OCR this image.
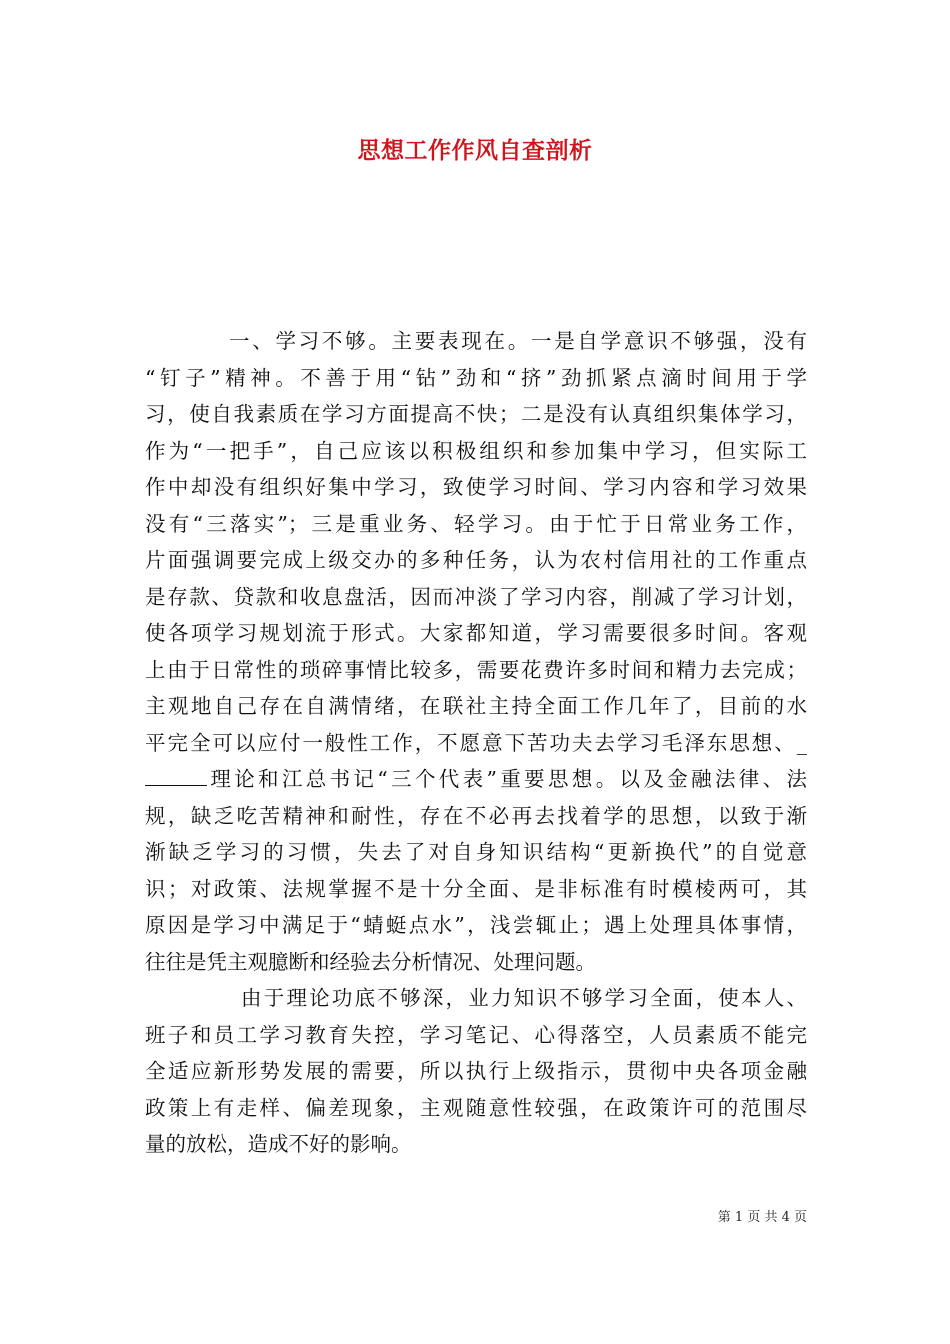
思想工作作风自查剖析
一、学习不够。主要表现在。一是自学意识不够强，没有
“钉子”精神。不善于用“钻”劲和“挤”劲抓紧点滴时间用于学
习，使自我素质在学习方面提高不快；二是没有认真组织集体学习，
作为“一把手”，自己应该以积极组织和参加集中学习，但实际工
作中却没有组织好集中学习，致使学习时间、学习内容和学习效果
没有“三落实”；三是重业务、轻学习。由于忙于日常业务工作，
片面强调要完成上级交办的多种任务，认为农村信用社的工作重点
是存款、贷款和收息盘活，因而冲淡了学习内容，削减了学习计划，
使各项学习规划流于形式。大家都知道，学习需要很多时间。客观
上由于日常性的琐碎事情比较多，需要花费许多时间和精力去完成；
主观地自己存在自满情绪，在联社主持全面工作几年了，目前的水
平完全可以应付一般性工作，不愿意下苦功夫去学习毛泽东思想、_
理论和江总书记“三个代表”重要思想。以及金融法律、法
规，缺乏吃苦精神和耐性，存在不必再去找着学的思想，以致于渐
渐缺乏学习的习惯，失去了对自身知识结构“更新换代”的自觉意
识；对政策、法规掌握不是十分全面、是非标准有时模棱两可，其
原因是学习中满足于“蜻蜓点水”，浅尝辄止；遇上处理具体事情，
往往是凭主观臆断和经验去分析情况、处理问题。
由于理论功底不够深，业力知识不够学习全面，使本人、
班子和员工学习教育失控，学习笔记、心得落空，人员素质不能完
全适应新形势发展的需要，所以执行上级指示，贯彻中央各项金融
政策上有走样、偏差现象，主观随意性较强，在政策许可的范围尽
量的放松，造成不好的影响。
第 1 页 共 4 页
